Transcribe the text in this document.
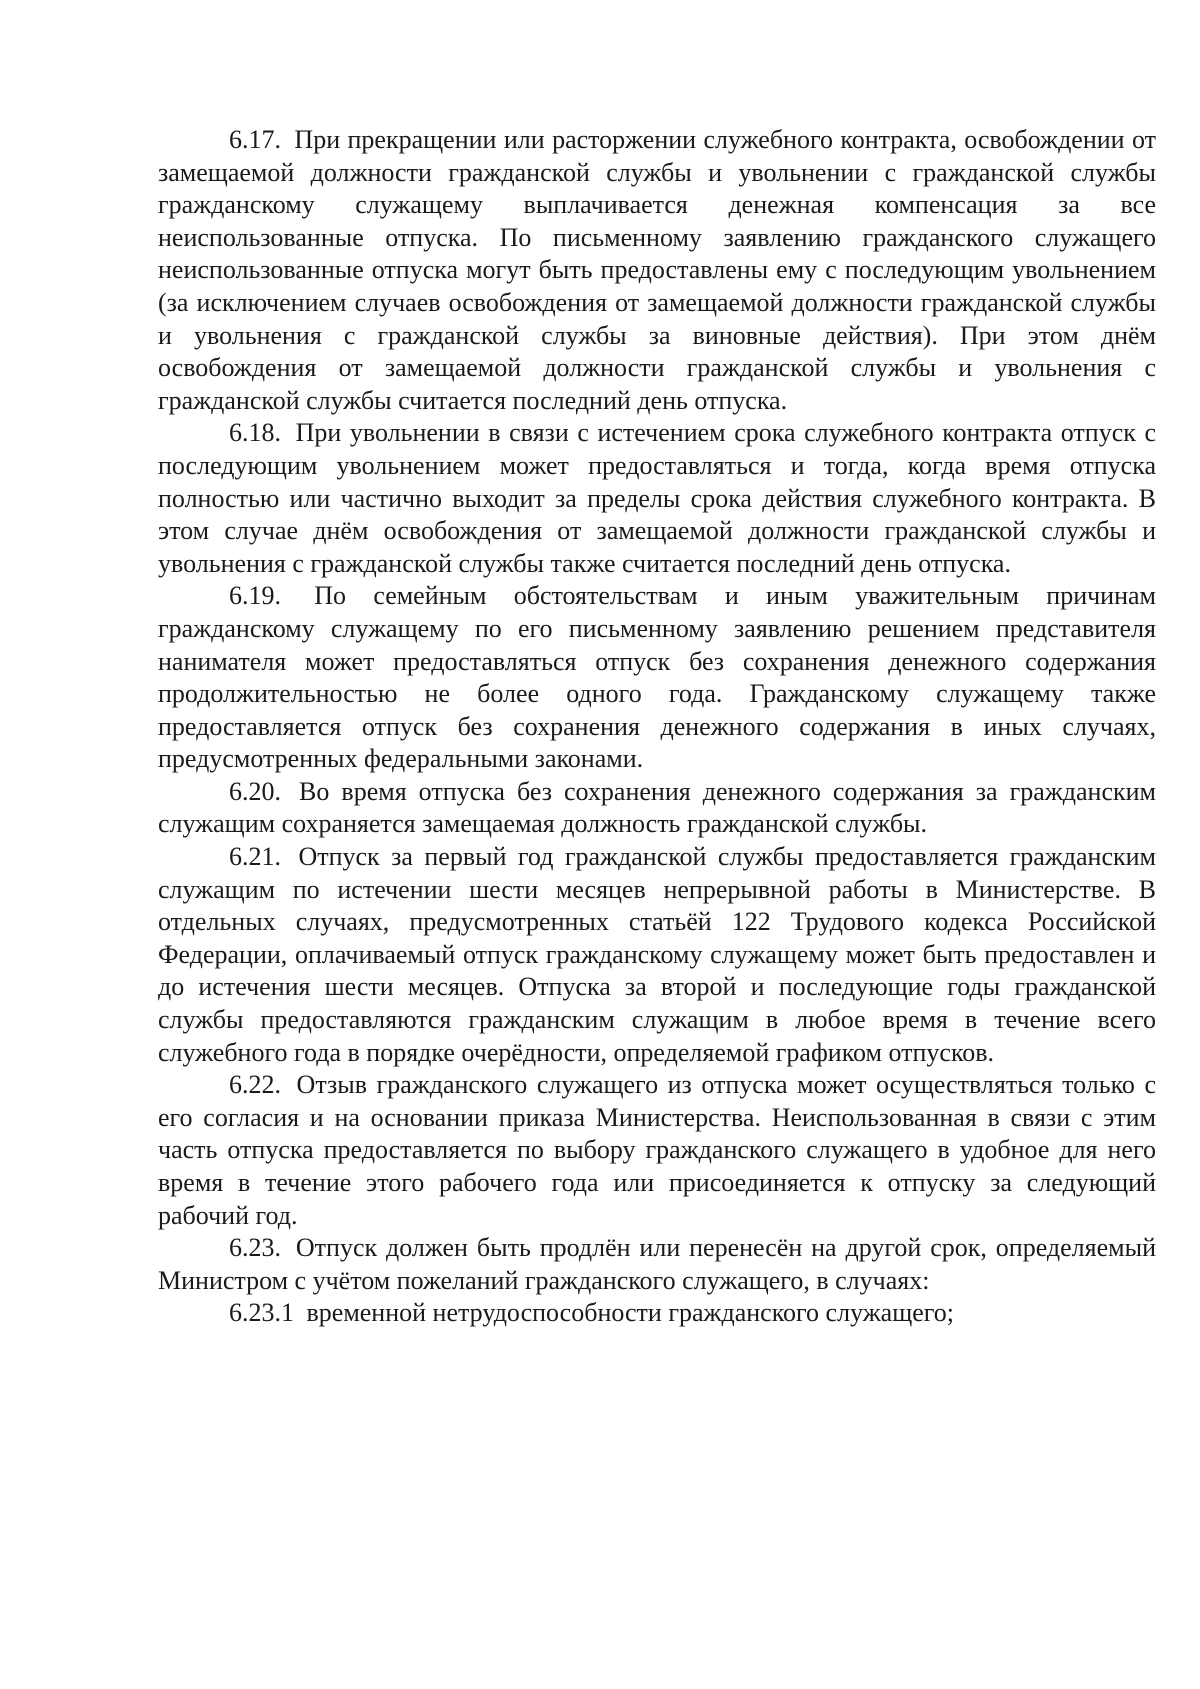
6.17. При прекращении или расторжении служебного контракта, освобождении от замещаемой должности гражданской службы и увольнении с гражданской службы гражданскому служащему выплачивается денежная компенсация за все неиспользованные отпуска. По письменному заявлению гражданского служащего неиспользованные отпуска могут быть предоставлены ему с последующим увольнением (за исключением случаев освобождения от замещаемой должности гражданской службы и увольнения с гражданской службы за виновные действия). При этом днём освобождения от замещаемой должности гражданской службы и увольнения с гражданской службы считается последний день отпуска.

6.18. При увольнении в связи с истечением срока служебного контракта отпуск с последующим увольнением может предоставляться и тогда, когда время отпуска полностью или частично выходит за пределы срока действия служебного контракта. В этом случае днём освобождения от замещаемой должности гражданской службы и увольнения с гражданской службы также считается последний день отпуска.

6.19. По семейным обстоятельствам и иным уважительным причинам гражданскому служащему по его письменному заявлению решением представителя нанимателя может предоставляться отпуск без сохранения денежного содержания продолжительностью не более одного года. Гражданскому служащему также предоставляется отпуск без сохранения денежного содержания в иных случаях, предусмотренных федеральными законами.

6.20. Во время отпуска без сохранения денежного содержания за гражданским служащим сохраняется замещаемая должность гражданской службы.

6.21. Отпуск за первый год гражданской службы предоставляется гражданским служащим по истечении шести месяцев непрерывной работы в Министерстве. В отдельных случаях, предусмотренных статьёй 122 Трудового кодекса Российской Федерации, оплачиваемый отпуск гражданскому служащему может быть предоставлен и до истечения шести месяцев. Отпуска за второй и последующие годы гражданской службы предоставляются гражданским служащим в любое время в течение всего служебного года в порядке очерёдности, определяемой графиком отпусков.

6.22. Отзыв гражданского служащего из отпуска может осуществляться только с его согласия и на основании приказа Министерства. Неиспользованная в связи с этим часть отпуска предоставляется по выбору гражданского служащего в удобное для него время в течение этого рабочего года или присоединяется к отпуску за следующий рабочий год.

6.23. Отпуск должен быть продлён или перенесён на другой срок, определяемый Министром с учётом пожеланий гражданского служащего, в случаях:

6.23.1 временной нетрудоспособности гражданского служащего;
